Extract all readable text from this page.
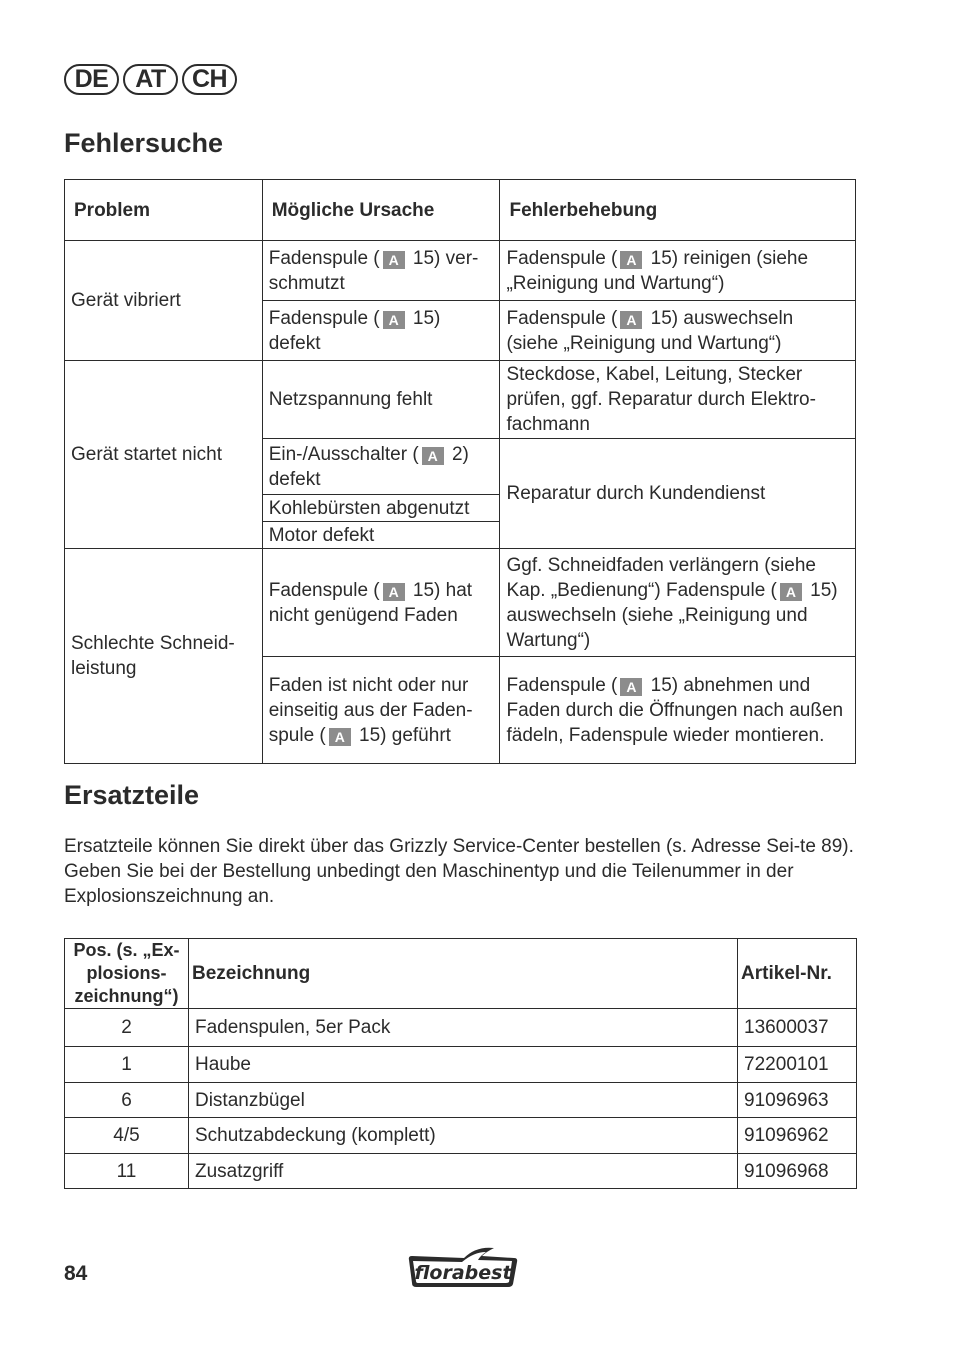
DE	AT	CH
Fehlersuche
Problem	Mögliche Ursache	Fehlerbehebung
Gerät vibriert	Fadenspule ( A 15) ver-schmutzt	Fadenspule ( A 15) reinigen (siehe „Reinigung und Wartung“)
	Fadenspule ( A 15) defekt	Fadenspule ( A 15) auswechseln (siehe „Reinigung und Wartung“)
Gerät startet nicht	Netzspannung fehlt	Steckdose, Kabel, Leitung, Stecker prüfen, ggf. Reparatur durch Elektro-fachmann
	Ein-/Ausschalter ( A 2) defekt	Reparatur durch Kundendienst
	Kohlebürsten abgenutzt	
	Motor defekt	
Schlechte Schneid-leistung	Fadenspule ( A 15) hat nicht genügend Faden	Ggf. Schneidfaden verlängern (siehe Kap. „Bedienung“) Fadenspule ( A 15) auswechseln (siehe „Reinigung und Wartung“)
	Faden ist nicht oder nur einseitig aus der Faden-spule ( A 15) geführt	Fadenspule ( A 15) abnehmen und Faden durch die Öffnungen nach außen fädeln, Fadenspule wieder montieren.
Ersatzteile
Ersatzteile können Sie direkt über das Grizzly Service-Center bestellen (s. Adresse Sei-te 89). Geben Sie bei der Bestellung unbedingt den Maschinentyp und die Teilenummer in der Explosionszeichnung an.
Pos. (s. „Ex-plosions-zeichnung“)	Bezeichnung	Artikel-Nr.
2	Fadenspulen, 5er Pack	13600037
1	Haube	72200101
6	Distanzbügel	91096963
4/5	Schutzabdeckung (komplett)	91096962
11	Zusatzgriff	91096968
84	florabest
